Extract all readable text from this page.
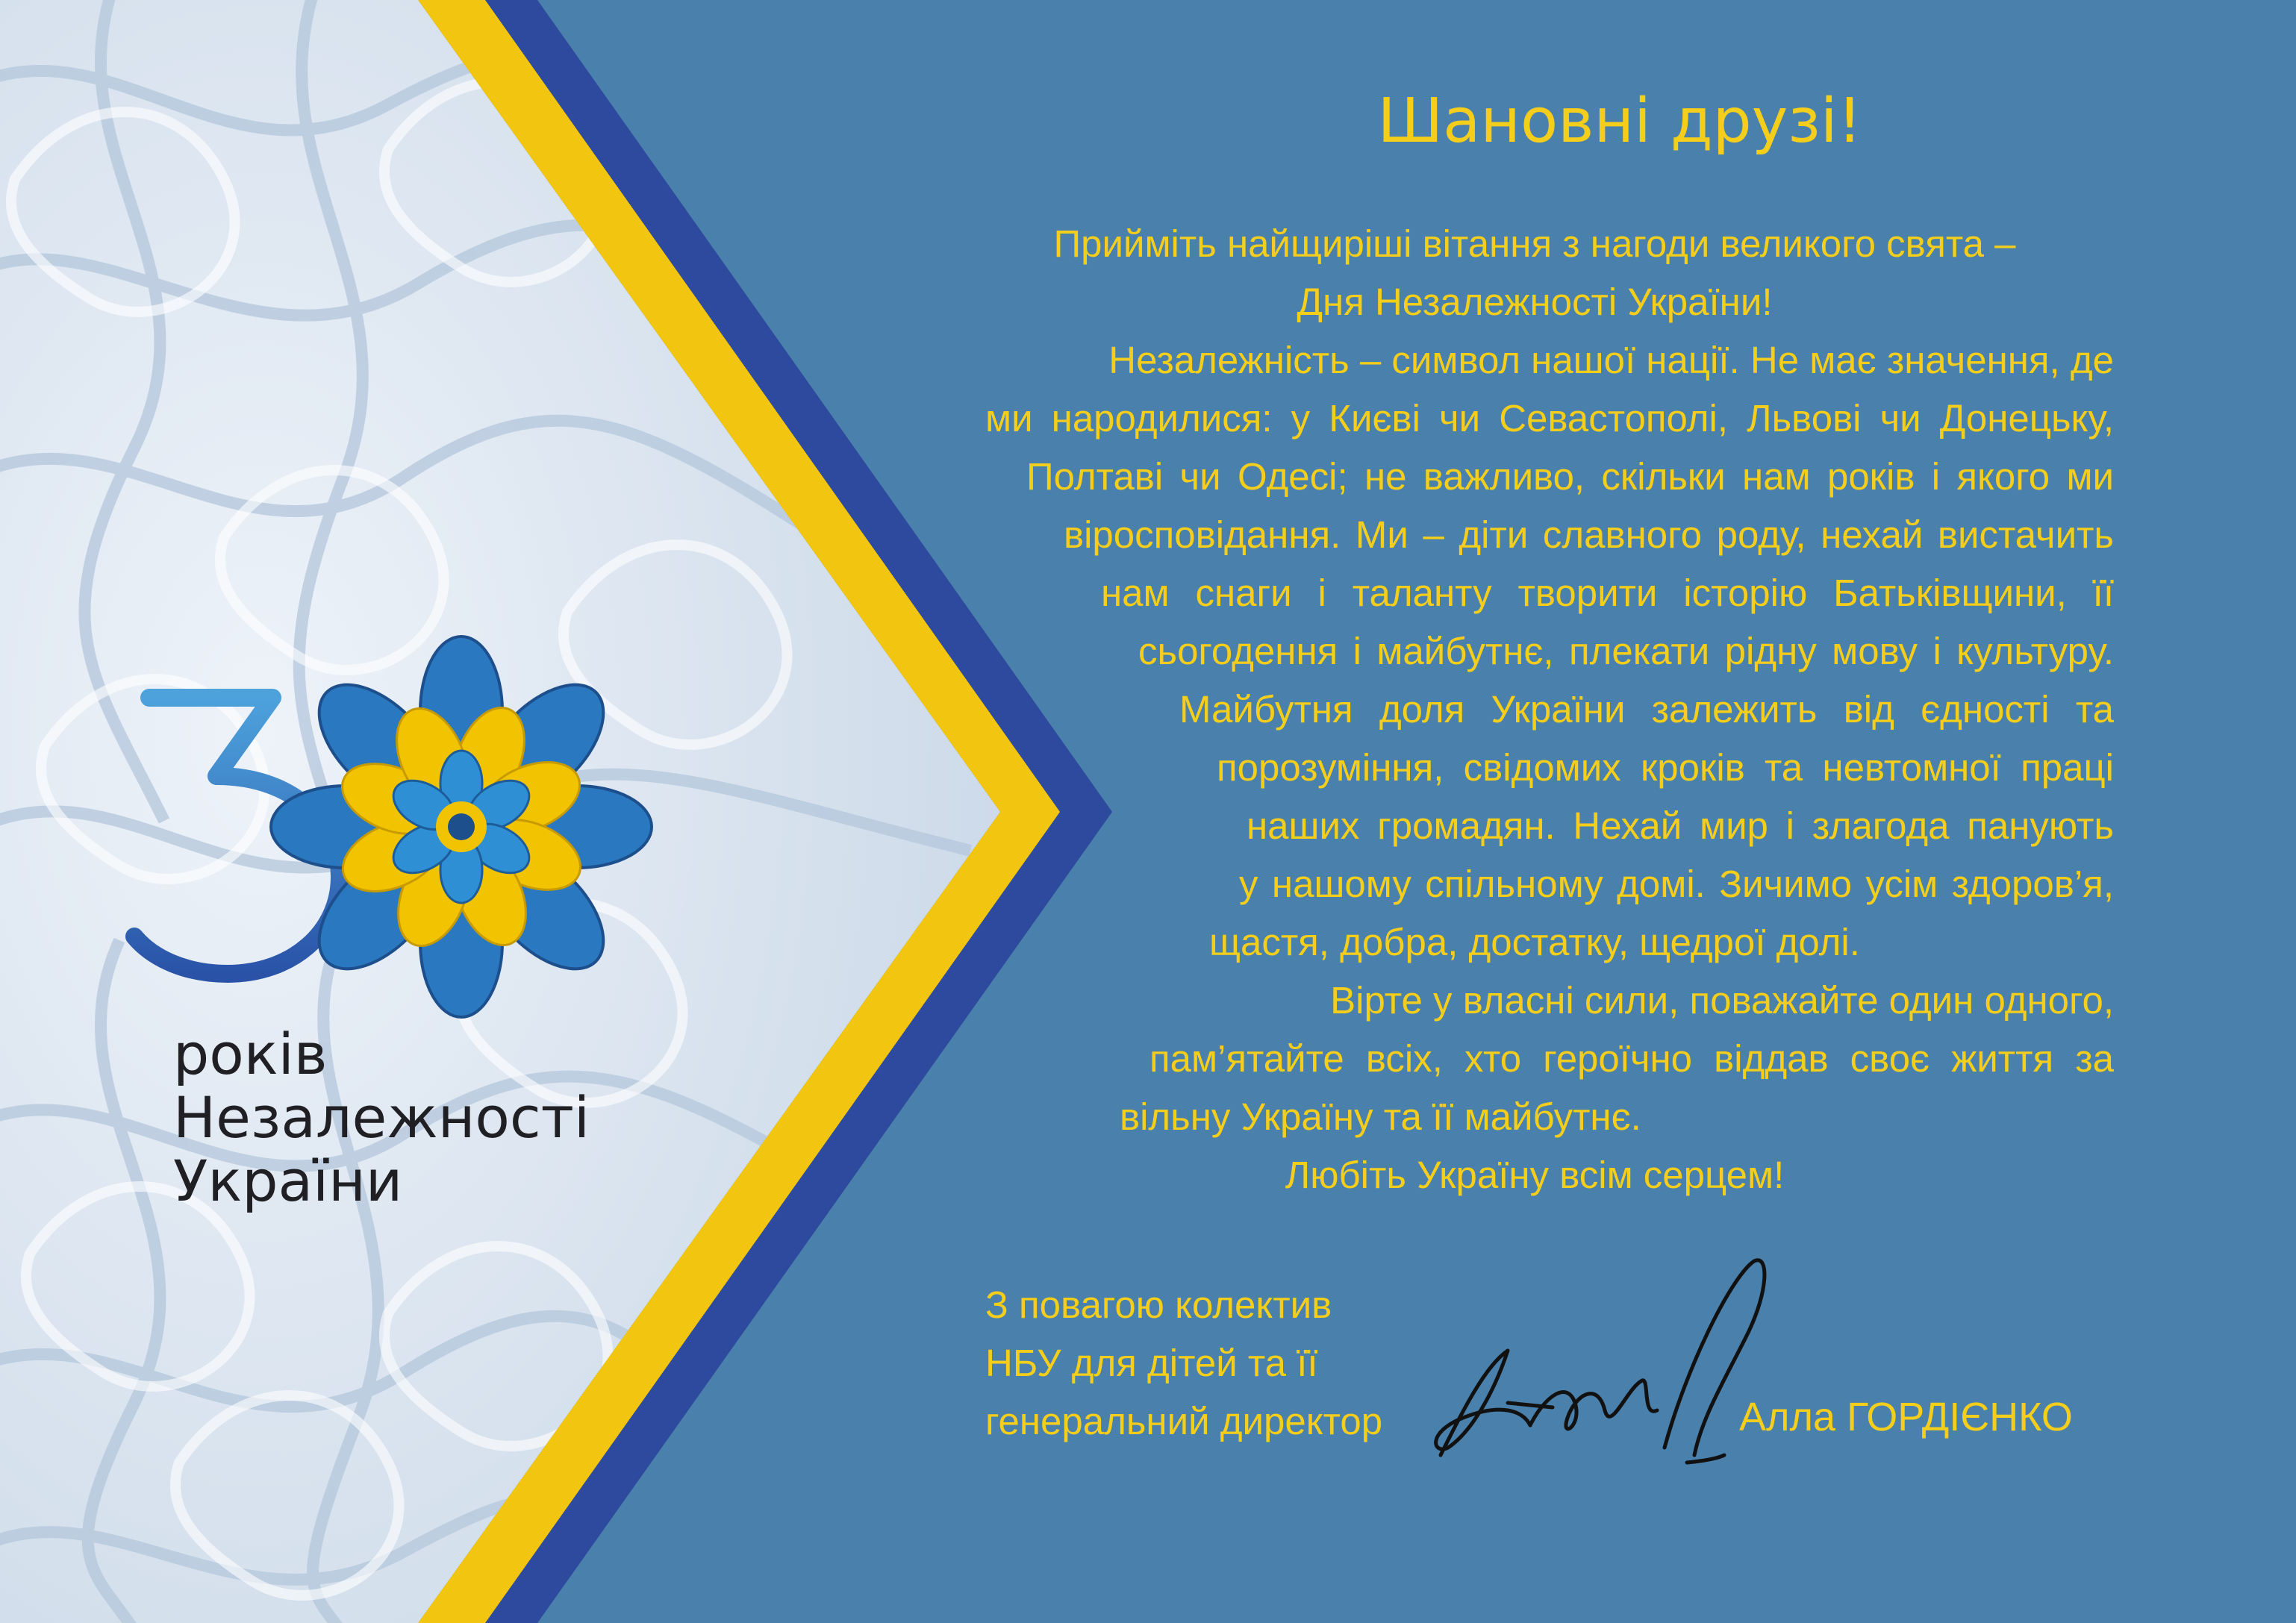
років
Незалежності
України
Шановні друзі!
Прийміть найщиріші вітання з нагоди великого свята –
Дня Незалежності України!
Незалежність – символ нашої нації. Не має значення, де
ми народилися: у Києві чи Севастополі, Львові чи Донецьку,
Полтаві чи Одесі; не важливо, скільки нам років і якого ми
віросповідання. Ми – діти славного роду, нехай вистачить
нам снаги і таланту творити історію Батьківщини, її
сьогодення і майбутнє, плекати рідну мову і культуру.
Майбутня доля України залежить від єдності та
порозуміння, свідомих кроків та невтомної праці
наших громадян. Нехай мир і злагода панують
у нашому спільному домі. Зичимо усім здоров’я,
щастя, добра, достатку, щедрої долі.
Вірте у власні сили, поважайте один одного,
пам’ятайте всіх, хто героїчно віддав своє життя за
вільну Україну та її майбутнє.
Любіть Україну всім серцем!
З повагою колектив
НБУ для дітей та її
генеральний директор	Алла ГОРДІЄНКО
